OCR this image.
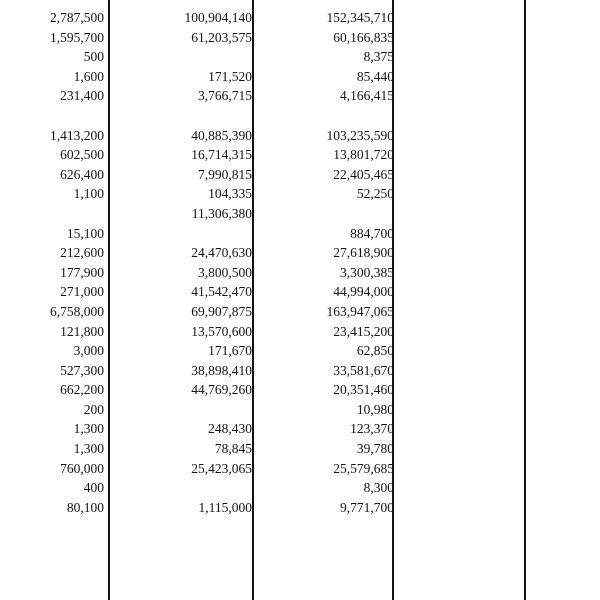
2,787,500		100,904,140		152,345,710		
1,595,700		61,203,575		60,166,835		
500				8,375		
1,600		171,520		85,440		
231,400		3,766,715		4,166,415		

1,413,200		40,885,390		103,235,590		
602,500		16,714,315		13,801,720		
626,400		7,990,815		22,405,465		
1,100		104,335		52,250		
		11,306,380				
15,100				884,700		
212,600		24,470,630		27,618,900		
177,900		3,800,500		3,300,385		
271,000		41,542,470		44,994,000		
6,758,000		69,907,875		163,947,065		
121,800		13,570,600		23,415,200		
3,000		171,670		62,850		
527,300		38,898,410		33,581,670		
662,200		44,769,260		20,351,460		
200				10,980		
1,300		248,430		123,370		
1,300		78,845		39,780		
760,000		25,423,065		25,579,685		
400				8,300		
80,100		1,115,000		9,771,700		
